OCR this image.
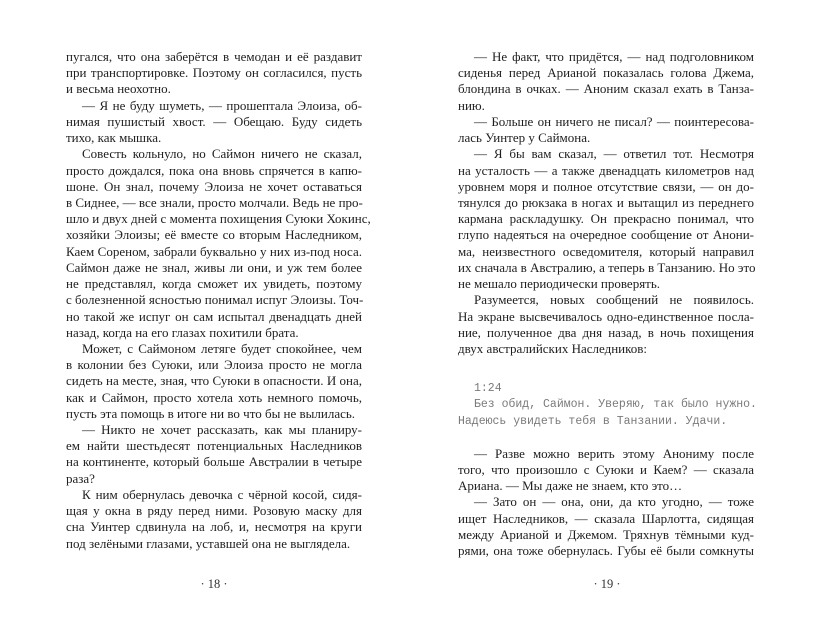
пугался, что она заберётся в чемодан и её раздавит
при транспортировке. Поэтому он согласился, пусть
и весьма неохотно.
— Я не буду шуметь, — прошептала Элоиза, об-
нимая пушистый хвост. — Обещаю. Буду сидеть
тихо, как мышка.
Совесть кольнуло, но Саймон ничего не сказал,
просто дождался, пока она вновь спрячется в капю-
шоне. Он знал, почему Элоиза не хочет оставаться
в Сиднее, — все знали, просто молчали. Ведь не про-
шло и двух дней с момента похищения Суюки Хокинс,
хозяйки Элоизы; её вместе со вторым Наследником,
Каем Сореном, забрали буквально у них из-под носа.
Саймон даже не знал, живы ли они, и уж тем более
не представлял, когда сможет их увидеть, поэтому
с болезненной ясностью понимал испуг Элоизы. Точ-
но такой же испуг он сам испытал двенадцать дней
назад, когда на его глазах похитили брата.
Может, с Саймоном летяге будет спокойнее, чем
в колонии без Суюки, или Элоиза просто не могла
сидеть на месте, зная, что Суюки в опасности. И она,
как и Саймон, просто хотела хоть немного помочь,
пусть эта помощь в итоге ни во что бы не вылилась.
— Никто не хочет рассказать, как мы планиру-
ем найти шестьдесят потенциальных Наследников
на континенте, который больше Австралии в четыре
раза?
К ним обернулась девочка с чёрной косой, сидя-
щая у окна в ряду перед ними. Розовую маску для
сна Уинтер сдвинула на лоб, и, несмотря на круги
под зелёными глазами, уставшей она не выглядела.
— Не факт, что придётся, — над подголовником
сиденья перед Арианой показалась голова Джема,
блондина в очках. — Аноним сказал ехать в Танза-
нию.
— Больше он ничего не писал? — поинтересова-
лась Уинтер у Саймона.
— Я бы вам сказал, — ответил тот. Несмотря
на усталость — а также двенадцать километров над
уровнем моря и полное отсутствие связи, — он до-
тянулся до рюкзака в ногах и вытащил из переднего
кармана раскладушку. Он прекрасно понимал, что
глупо надеяться на очередное сообщение от Анони-
ма, неизвестного осведомителя, который направил
их сначала в Австралию, а теперь в Танзанию. Но это
не мешало периодически проверять.
Разумеется, новых сообщений не появилось.
На экране высвечивалось одно-единственное посла-
ние, полученное два дня назад, в ночь похищения
двух австралийских Наследников:
1:24
Без обид, Саймон. Уверяю, так было нужно.
Надеюсь увидеть тебя в Танзании. Удачи.
— Разве можно верить этому Анониму после
того, что произошло с Суюки и Каем? — сказала
Ариана. — Мы даже не знаем, кто это…
— Зато он — она, они, да кто угодно, — тоже
ищет Наследников, — сказала Шарлотта, сидящая
между Арианой и Джемом. Тряхнув тёмными куд-
рями, она тоже обернулась. Губы её были сомкнуты
· 18 ·	· 19 ·
